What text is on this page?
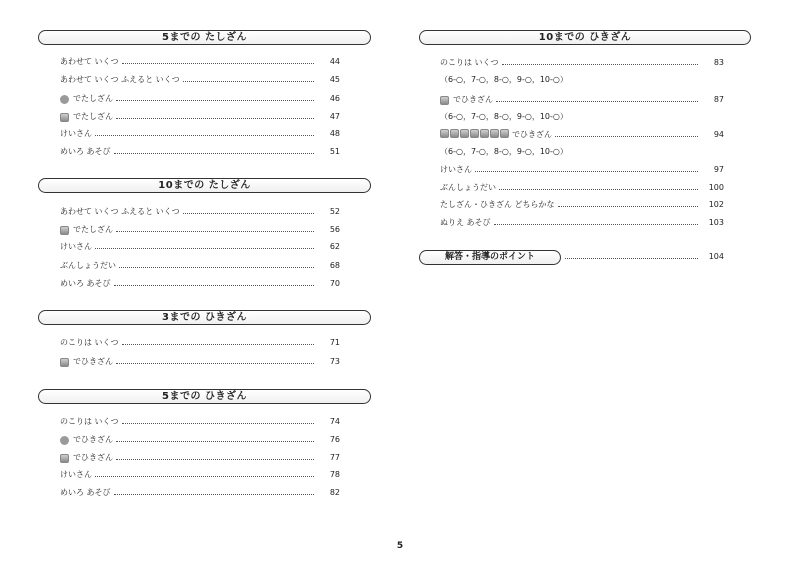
5までの たしざん
あわせて いくつ	44
あわせて いくつ ふえると いくつ	45
でたしざん	46
でたしざん	47
けいさん	48
めいろ あそび	51
10までの たしざん
あわせて いくつ ふえると いくつ	52
でたしざん	56
けいさん	62
ぶんしょうだい	68
めいろ あそび	70
3までの ひきざん
のこりは いくつ	71
でひきざん	73
5までの ひきざん
のこりは いくつ	74
でひきざん	76
でひきざん	77
けいさん	78
めいろ あそび	82
10までの ひきざん
のこりは いくつ	83
（6-○，7-○，8-○，9-○，10-○）
でひきざん	87
（6-○，7-○，8-○，9-○，10-○）
でひきざん	94
（6-○，7-○，8-○，9-○，10-○）
けいさん	97
ぶんしょうだい	100
たしざん・ひきざん どちらかな	102
ぬりえ あそび	103
解答・指導のポイント	104
5
